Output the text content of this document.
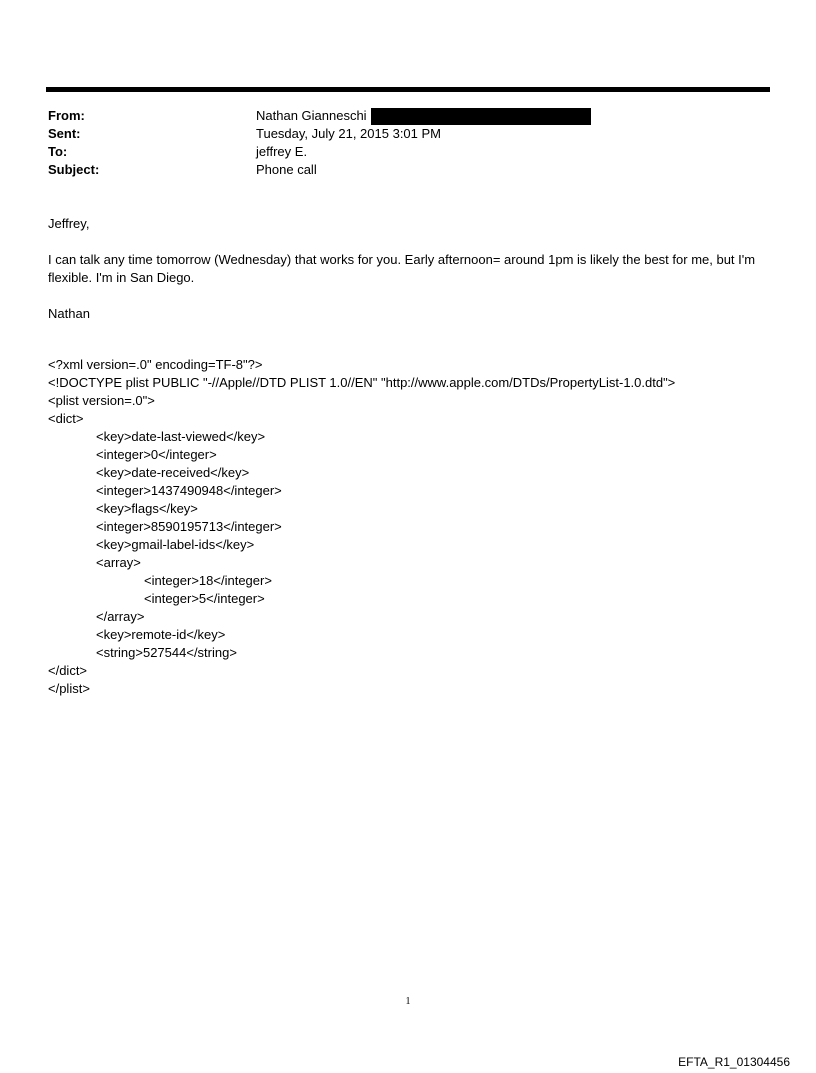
From:	Nathan Gianneschi
Sent:	Tuesday, July 21, 2015 3:01 PM
To:	jeffrey E.
Subject:	Phone call

Jeffrey,

I can talk any time tomorrow (Wednesday) that works for you. Early afternoon= around 1pm is likely the best for me, but I'm flexible. I'm in San Diego.

Nathan

<?xml version=.0" encoding=TF-8"?>
<!DOCTYPE plist PUBLIC "-//Apple//DTD PLIST 1.0//EN" "http://www.apple.com/DTDs/PropertyList-1.0.dtd">
<plist version=.0">
<dict>
<key>date-last-viewed</key>
<integer>0</integer>
<key>date-received</key>
<integer>1437490948</integer>
<key>flags</key>
<integer>8590195713</integer>
<key>gmail-label-ids</key>
<array>
<integer>18</integer>
<integer>5</integer>
</array>
<key>remote-id</key>
<string>527544</string>
</dict>
</plist>
1
EFTA_R1_01304456
